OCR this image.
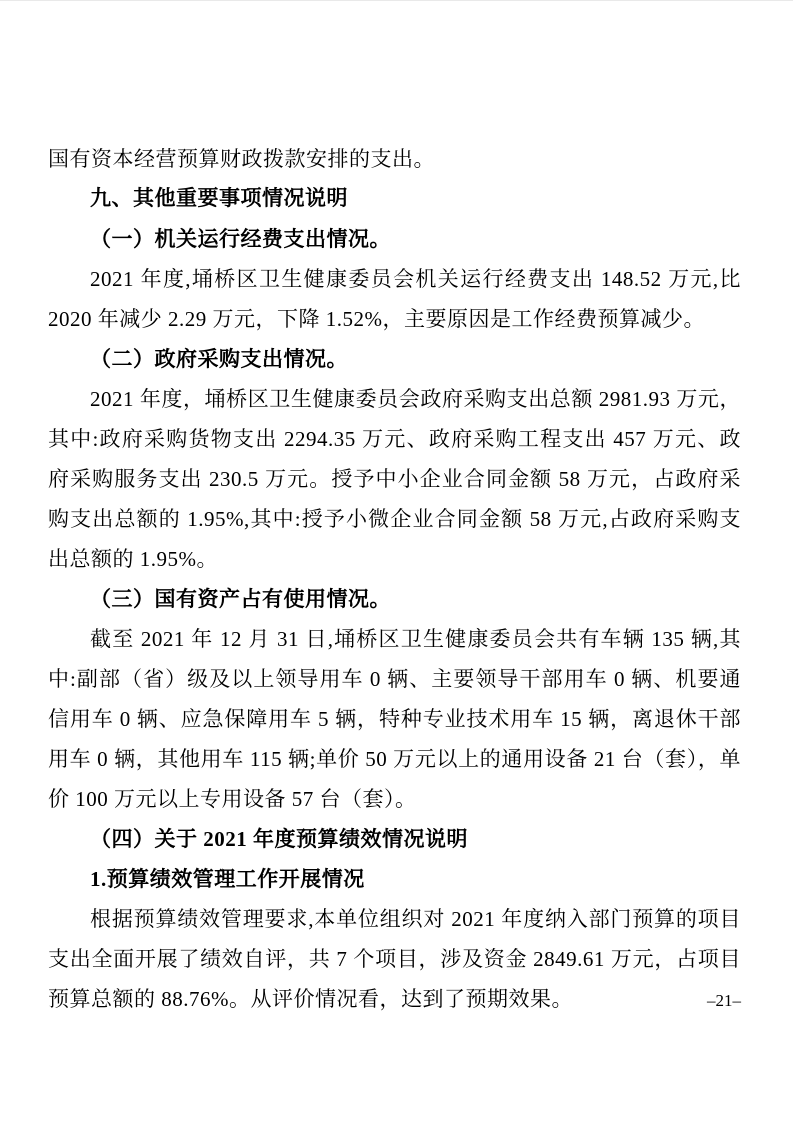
国有资本经营预算财政拨款安排的支出。

九、其他重要事项情况说明

（一）机关运行经费支出情况。

2021 年度,埇桥区卫生健康委员会机关运行经费支出 148.52 万元,比 2020 年减少 2.29 万元，下降 1.52%，主要原因是工作经费预算减少。

（二）政府采购支出情况。

2021 年度，埇桥区卫生健康委员会政府采购支出总额 2981.93 万元，其中:政府采购货物支出 2294.35 万元、政府采购工程支出 457 万元、政府采购服务支出 230.5 万元。授予中小企业合同金额 58 万元，占政府采购支出总额的 1.95%,其中:授予小微企业合同金额 58 万元,占政府采购支出总额的 1.95%。

（三）国有资产占有使用情况。

截至 2021 年 12 月 31 日,埇桥区卫生健康委员会共有车辆 135 辆,其中:副部（省）级及以上领导用车 0 辆、主要领导干部用车 0 辆、机要通信用车 0 辆、应急保障用车 5 辆，特种专业技术用车 15 辆，离退休干部用车 0 辆，其他用车 115 辆;单价 50 万元以上的通用设备 21 台（套），单价 100 万元以上专用设备 57 台（套）。

（四）关于 2021 年度预算绩效情况说明

1.预算绩效管理工作开展情况

根据预算绩效管理要求,本单位组织对 2021 年度纳入部门预算的项目支出全面开展了绩效自评，共 7 个项目，涉及资金 2849.61 万元，占项目预算总额的 88.76%。从评价情况看，达到了预期效果。	–21–
